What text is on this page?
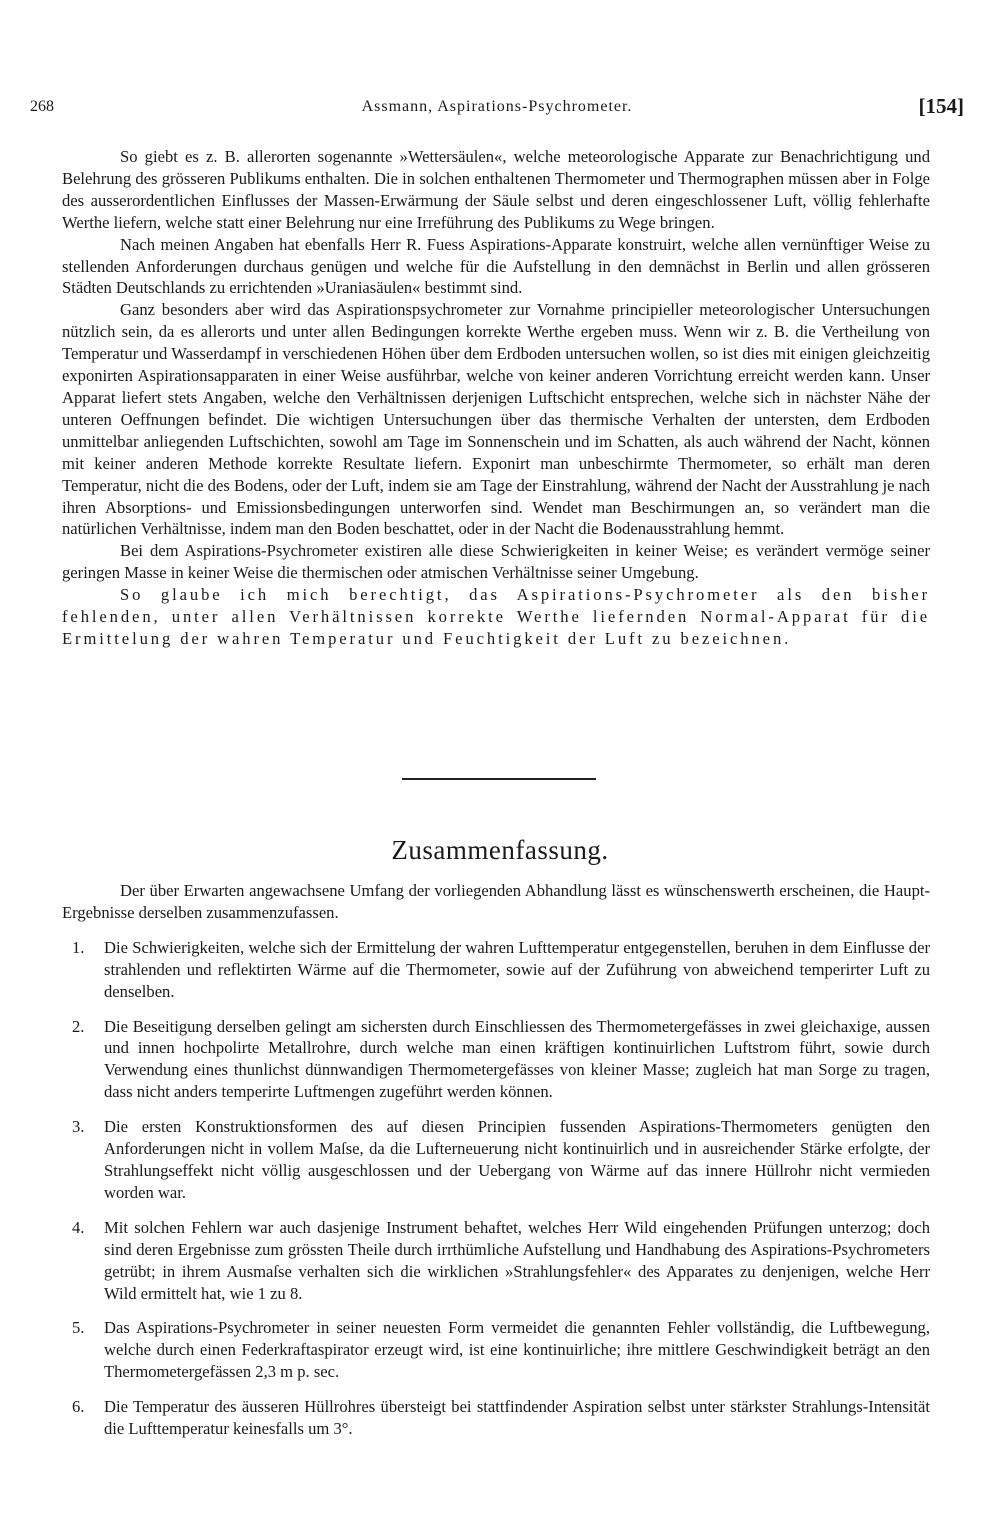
268	Assmann, Aspirations-Psychrometer.	[154]

So giebt es z. B. allerorten sogenannte »Wettersäulen«, welche meteorologische Apparate zur Benachrichtigung und Belehrung des grösseren Publikums enthalten. Die in solchen enthaltenen Thermometer und Thermographen müssen aber in Folge des ausserordentlichen Einflusses der Massen-Erwärmung der Säule selbst und deren eingeschlossener Luft, völlig fehlerhafte Werthe liefern, welche statt einer Belehrung nur eine Irreführung des Publikums zu Wege bringen.

Nach meinen Angaben hat ebenfalls Herr R. Fuess Aspirations-Apparate konstruirt, welche allen vernünftiger Weise zu stellenden Anforderungen durchaus genügen und welche für die Aufstellung in den demnächst in Berlin und allen grösseren Städten Deutschlands zu errichtenden »Uraniasäulen« bestimmt sind.

Ganz besonders aber wird das Aspirationspsychrometer zur Vornahme principieller meteorologischer Untersuchungen nützlich sein, da es allerorts und unter allen Bedingungen korrekte Werthe ergeben muss. Wenn wir z. B. die Vertheilung von Temperatur und Wasserdampf in verschiedenen Höhen über dem Erdboden untersuchen wollen, so ist dies mit einigen gleichzeitig exponirten Aspirationsapparaten in einer Weise ausführbar, welche von keiner anderen Vorrichtung erreicht werden kann. Unser Apparat liefert stets Angaben, welche den Verhältnissen derjenigen Luftschicht entsprechen, welche sich in nächster Nähe der unteren Oeffnungen befindet. Die wichtigen Untersuchungen über das thermische Verhalten der untersten, dem Erdboden unmittelbar anliegenden Luftschichten, sowohl am Tage im Sonnenschein und im Schatten, als auch während der Nacht, können mit keiner anderen Methode korrekte Resultate liefern. Exponirt man unbeschirmte Thermometer, so erhält man deren Temperatur, nicht die des Bodens, oder der Luft, indem sie am Tage der Einstrahlung, während der Nacht der Ausstrahlung je nach ihren Absorptions- und Emissionsbedingungen unterworfen sind. Wendet man Beschirmungen an, so verändert man die natürlichen Verhältnisse, indem man den Boden beschattet, oder in der Nacht die Bodenausstrahlung hemmt.

Bei dem Aspirations-Psychrometer existiren alle diese Schwierigkeiten in keiner Weise; es verändert vermöge seiner geringen Masse in keiner Weise die thermischen oder atmischen Verhältnisse seiner Umgebung.

So glaube ich mich berechtigt, das Aspirations-Psychrometer als den bisher fehlenden, unter allen Verhältnissen korrekte Werthe liefernden Normal-Apparat für die Ermittelung der wahren Temperatur und Feuchtigkeit der Luft zu bezeichnen.

Zusammenfassung.

Der über Erwarten angewachsene Umfang der vorliegenden Abhandlung lässt es wünschenswerth erscheinen, die Haupt-Ergebnisse derselben zusammenzufassen.

1. Die Schwierigkeiten, welche sich der Ermittelung der wahren Lufttemperatur entgegenstellen, beruhen in dem Einflusse der strahlenden und reflektirten Wärme auf die Thermometer, sowie auf der Zuführung von abweichend temperirter Luft zu denselben.
2. Die Beseitigung derselben gelingt am sichersten durch Einschliessen des Thermometergefässes in zwei gleichaxige, aussen und innen hochpolirte Metallrohre, durch welche man einen kräftigen kontinuirlichen Luftstrom führt, sowie durch Verwendung eines thunlichst dünnwandigen Thermometergefässes von kleiner Masse; zugleich hat man Sorge zu tragen, dass nicht anders temperirte Luftmengen zugeführt werden können.
3. Die ersten Konstruktionsformen des auf diesen Principien fussenden Aspirations-Thermometers genügten den Anforderungen nicht in vollem Maſse, da die Lufterneuerung nicht kontinuirlich und in ausreichender Stärke erfolgte, der Strahlungseffekt nicht völlig ausgeschlossen und der Uebergang von Wärme auf das innere Hüllrohr nicht vermieden worden war.
4. Mit solchen Fehlern war auch dasjenige Instrument behaftet, welches Herr Wild eingehenden Prüfungen unterzog; doch sind deren Ergebnisse zum grössten Theile durch irrthümliche Aufstellung und Handhabung des Aspirations-Psychrometers getrübt; in ihrem Ausmaſse verhalten sich die wirklichen »Strahlungsfehler« des Apparates zu denjenigen, welche Herr Wild ermittelt hat, wie 1 zu 8.
5. Das Aspirations-Psychrometer in seiner neuesten Form vermeidet die genannten Fehler vollständig, die Luftbewegung, welche durch einen Federkraftaspirator erzeugt wird, ist eine kontinuirliche; ihre mittlere Geschwindigkeit beträgt an den Thermometergefässen 2,3 m p. sec.
6. Die Temperatur des äusseren Hüllrohres übersteigt bei stattfindender Aspiration selbst unter stärkster Strahlungs-Intensität die Lufttemperatur keinesfalls um 3°.
